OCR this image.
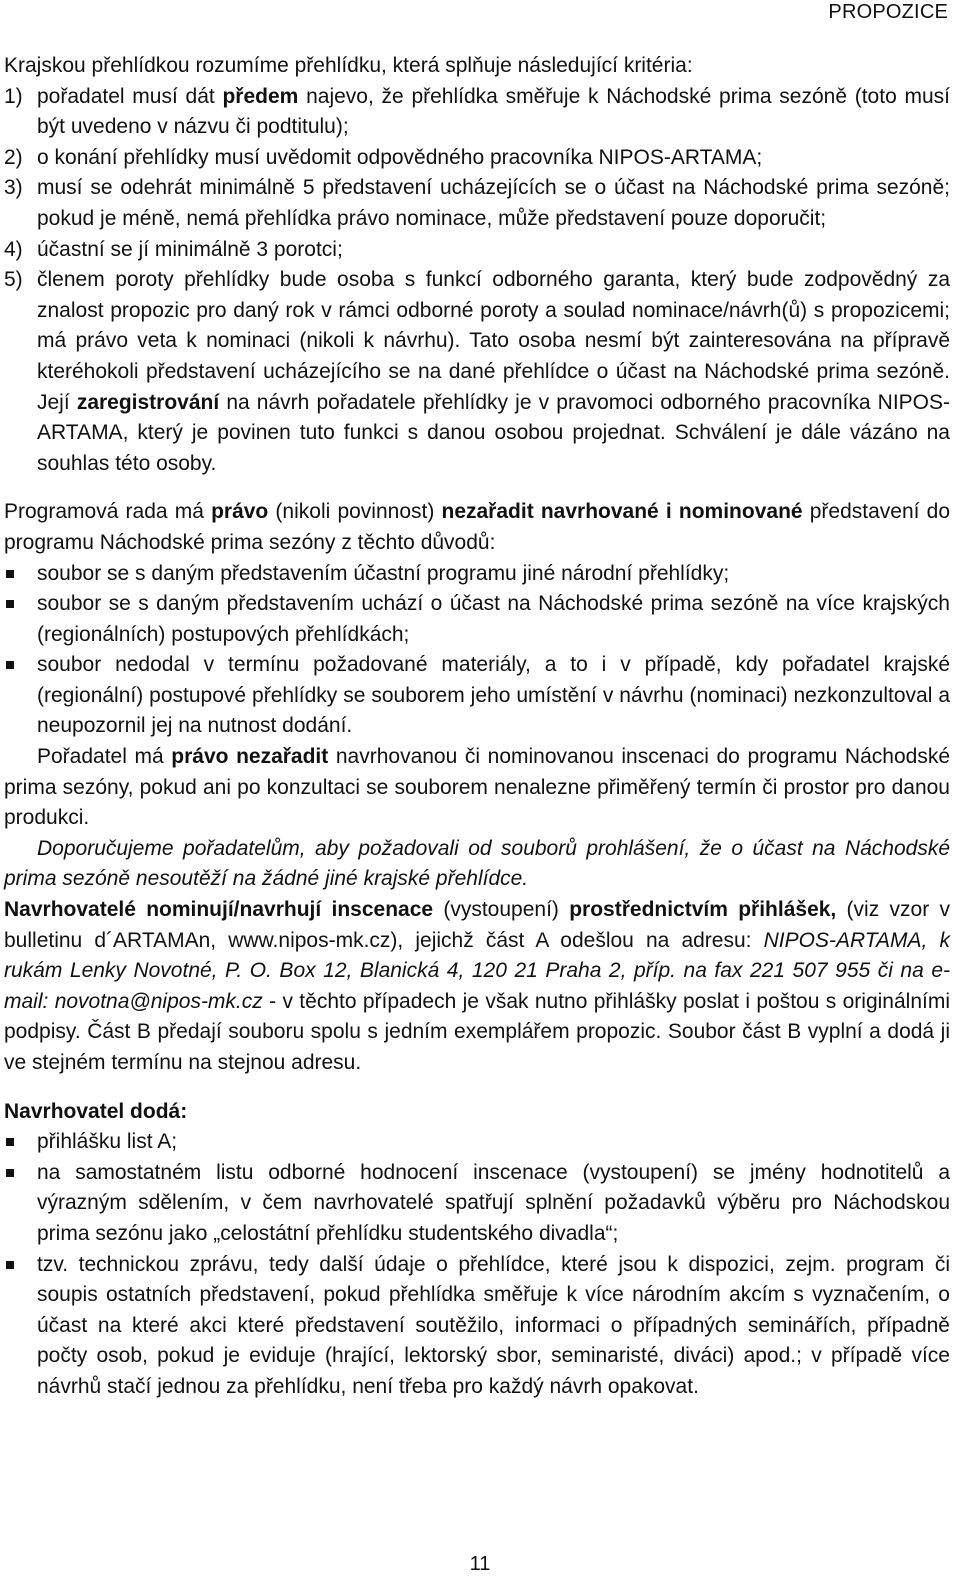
PROPOZICE

Krajskou přehlídkou rozumíme přehlídku, která splňuje následující kritéria:

1) pořadatel musí dát předem najevo, že přehlídka směřuje k Náchodské prima sezóně (toto musí být uvedeno v názvu či podtitulu);
2) o konání přehlídky musí uvědomit odpovědného pracovníka NIPOS-ARTAMA;
3) musí se odehrát minimálně 5 představení ucházejících se o účast na Náchodské prima sezóně; pokud je méně, nemá přehlídka právo nominace, může představení pouze doporučit;
4) účastní se jí minimálně 3 porotci;
5) členem poroty přehlídky bude osoba s funkcí odborného garanta, který bude zodpovědný za znalost propozic pro daný rok v rámci odborné poroty a soulad nominace/návrh(ů) s propozicemi; má právo veta k nominaci (nikoli k návrhu). Tato osoba nesmí být zainteresována na přípravě kteréhokoli představení ucházejícího se na dané přehlídce o účast na Náchodské prima sezóně. Její zaregistrování na návrh pořadatele přehlídky je v pravomoci odborného pracovníka NIPOS-ARTAMA, který je povinen tuto funkci s danou osobou projednat. Schválení je dále vázáno na souhlas této osoby.

Programová rada má právo (nikoli povinnost) nezařadit navrhované i nominované představení do programu Náchodské prima sezóny z těchto důvodů:

soubor se s daným představením účastní programu jiné národní přehlídky;
soubor se s daným představením uchází o účast na Náchodské prima sezóně na více krajských (regionálních) postupových přehlídkách;
soubor nedodal v termínu požadované materiály, a to i v případě, kdy pořadatel krajské (regionální) postupové přehlídky se souborem jeho umístění v návrhu (nominaci) nezkonzultoval a neupozornil jej na nutnost dodání.

Pořadatel má právo nezařadit navrhovanou či nominovanou inscenaci do programu Náchodské prima sezóny, pokud ani po konzultaci se souborem nenalezne přiměřený termín či prostor pro danou produkci.

Doporučujeme pořadatelům, aby požadovali od souborů prohlášení, že o účast na Náchodské prima sezóně nesoutěží na žádné jiné krajské přehlídce.

Navrhovatelé nominují/navrhují inscenace (vystoupení) prostřednictvím přihlášek, (viz vzor v bulletinu d´ARTAMAn, www.nipos-mk.cz), jejichž část A odešlou na adresu: NIPOS-ARTAMA, k rukám Lenky Novotné, P. O. Box 12, Blanická 4, 120 21 Praha 2, příp. na fax 221 507 955 či na e-mail: novotna@nipos-mk.cz - v těchto případech je však nutno přihlášky poslat i poštou s originálními podpisy. Část B předají souboru spolu s jedním exemplářem propozic. Soubor část B vyplní a dodá ji ve stejném termínu na stejnou adresu.

Navrhovatel dodá:

přihlášku list A;
na samostatném listu odborné hodnocení inscenace (vystoupení) se jmény hodnotitelů a výrazným sdělením, v čem navrhovatelé spatřují splnění požadavků výběru pro Náchodskou prima sezónu jako „celostátní přehlídku studentského divadla“;
tzv. technickou zprávu, tedy další údaje o přehlídce, které jsou k dispozici, zejm. program či soupis ostatních představení, pokud přehlídka směřuje k více národním akcím s vyznačením, o účast na které akci které představení soutěžilo, informaci o případných seminářích, případně počty osob, pokud je eviduje (hrající, lektorský sbor, seminaristé, diváci) apod.; v případě více návrhů stačí jednou za přehlídku, není třeba pro každý návrh opakovat.
11
